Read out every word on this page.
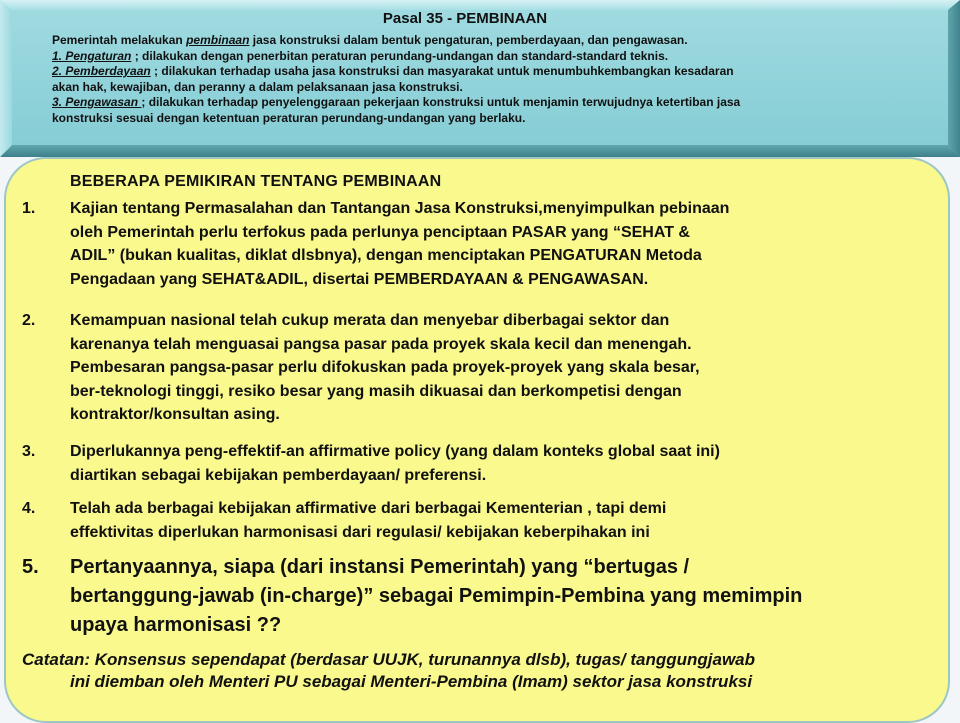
Pasal 35 - PEMBINAAN

Pemerintah melakukan pembinaan jasa konstruksi dalam bentuk pengaturan, pemberdayaan, dan pengawasan.

1. Pengaturan ; dilakukan dengan penerbitan peraturan perundang-undangan dan standard-standard teknis.

2. Pemberdayaan ; dilakukan terhadap usaha jasa konstruksi dan masyarakat untuk menumbuhkembangkan kesadaran

akan hak, kewajiban, dan peranny a dalam pelaksanaan jasa konstruksi.

3. Pengawasan ; dilakukan terhadap penyelenggaraan pekerjaan konstruksi untuk menjamin terwujudnya ketertiban jasa

konstruksi sesuai dengan ketentuan peraturan perundang-undangan yang berlaku.

BEBERAPA PEMIKIRAN TENTANG PEMBINAAN
1. Kajian tentang Permasalahan dan Tantangan Jasa Konstruksi,menyimpulkan pebinaan
oleh Pemerintah perlu terfokus pada perlunya penciptaan PASAR yang “SEHAT &
ADIL” (bukan kualitas, diklat dlsbnya), dengan menciptakan PENGATURAN Metoda
Pengadaan yang SEHAT&ADIL, disertai PEMBERDAYAAN & PENGAWASAN.
2. Kemampuan nasional telah cukup merata dan menyebar diberbagai sektor dan
karenanya telah menguasai pangsa pasar pada proyek skala kecil dan menengah.
Pembesaran pangsa-pasar perlu difokuskan pada proyek-proyek yang skala besar,
ber-teknologi tinggi, resiko besar yang masih dikuasai dan berkompetisi dengan
kontraktor/konsultan asing.
3. Diperlukannya peng-effektif-an affirmative policy (yang dalam konteks global saat ini)
diartikan sebagai kebijakan pemberdayaan/ preferensi.
4. Telah ada berbagai kebijakan affirmative dari berbagai Kementerian , tapi demi
effektivitas diperlukan harmonisasi dari regulasi/ kebijakan keberpihakan ini
5. Pertanyaannya, siapa (dari instansi Pemerintah) yang “bertugas /
bertanggung-jawab (in-charge)” sebagai Pemimpin-Pembina yang memimpin
upaya harmonisasi ??
Catatan: Konsensus sependapat (berdasar UUJK, turunannya dlsb), tugas/ tanggungjawab
ini diemban oleh Menteri PU sebagai Menteri-Pembina (Imam) sektor jasa konstruksi
